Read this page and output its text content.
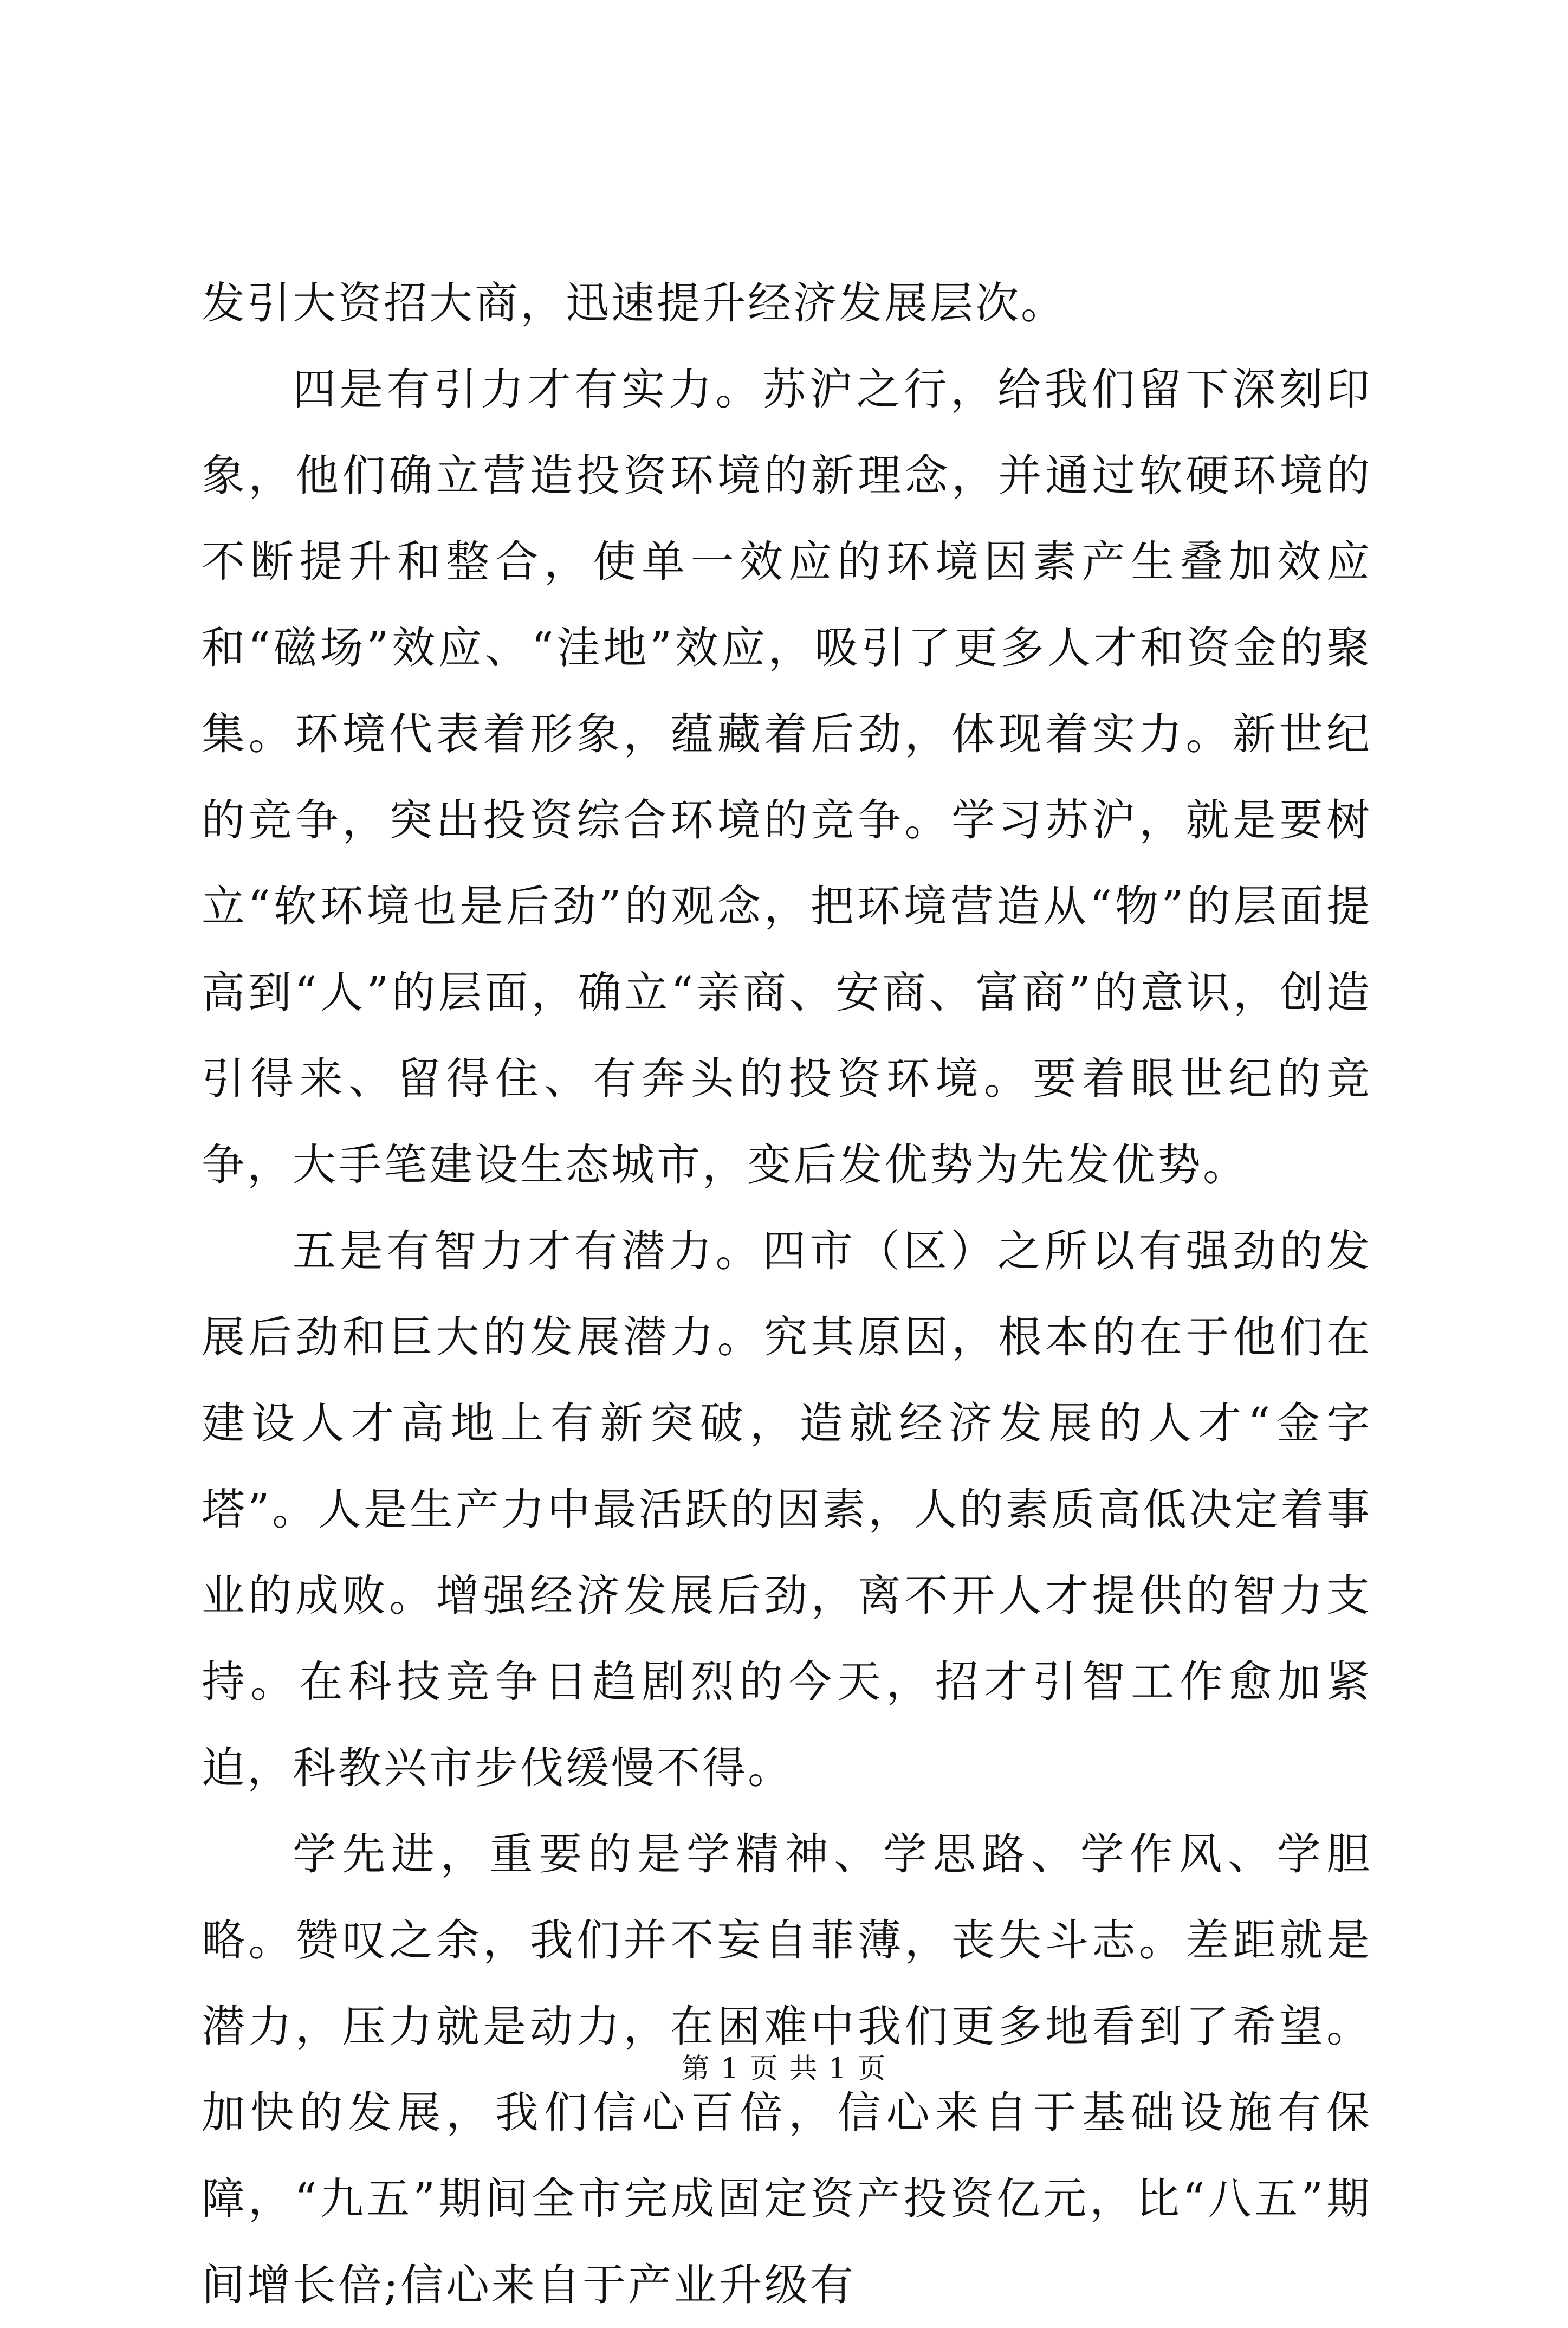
发引大资招大商，迅速提升经济发展层次。

四是有引力才有实力。苏沪之行，给我们留下深刻印象，他们确立营造投资环境的新理念，并通过软硬环境的不断提升和整合，使单一效应的环境因素产生叠加效应和“磁场”效应、“洼地”效应，吸引了更多人才和资金的聚集。环境代表着形象，蕴藏着后劲，体现着实力。新世纪的竞争，突出投资综合环境的竞争。学习苏沪，就是要树立“软环境也是后劲”的观念，把环境营造从“物”的层面提高到“人”的层面，确立“亲商、安商、富商”的意识，创造引得来、留得住、有奔头的投资环境。要着眼世纪的竞争，大手笔建设生态城市，变后发优势为先发优势。

五是有智力才有潜力。四市（区）之所以有强劲的发展后劲和巨大的发展潜力。究其原因，根本的在于他们在建设人才高地上有新突破，造就经济发展的人才“金字塔”。人是生产力中最活跃的因素，人的素质高低决定着事业的成败。增强经济发展后劲，离不开人才提供的智力支持。在科技竞争日趋剧烈的今天，招才引智工作愈加紧迫，科教兴市步伐缓慢不得。

学先进，重要的是学精神、学思路、学作风、学胆略。赞叹之余，我们并不妄自菲薄，丧失斗志。差距就是潜力，压力就是动力，在困难中我们更多地看到了希望。加快的发展，我们信心百倍，信心来自于基础设施有保障，“九五”期间全市完成固定资产投资亿元，比“八五”期间增长倍;信心来自于产业升级有

第 1 页 共 1 页
